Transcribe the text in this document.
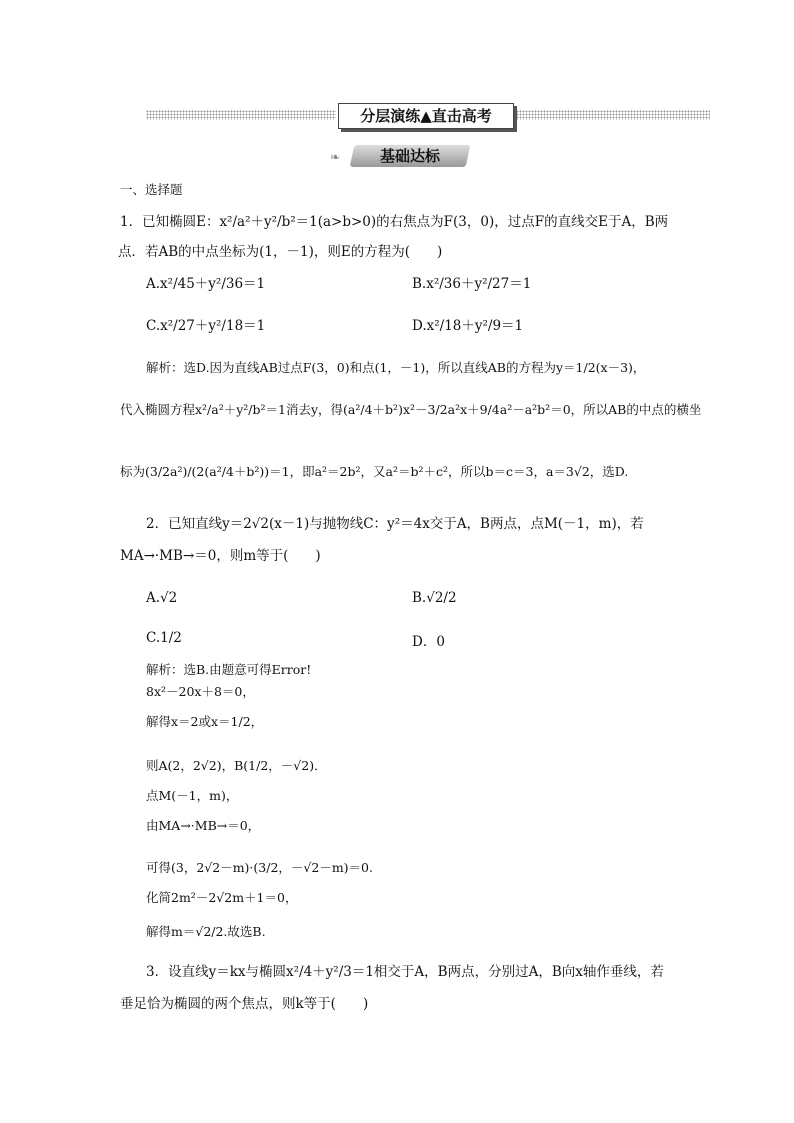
分层演练▲直击高考
❧	基础达标
一、选择题
1．已知椭圆E：x²/a²＋y²/b²＝1(a>b>0)的右焦点为F(3，0)，过点F的直线交E于A，B两
点．若AB的中点坐标为(1，－1)，则E的方程为(　　)
A.x²/45＋y²/36＝1	B.x²/36＋y²/27＝1
C.x²/27＋y²/18＝1	D.x²/18＋y²/9＝1
解析：选D.因为直线AB过点F(3，0)和点(1，－1)，所以直线AB的方程为y＝1/2(x－3)，
代入椭圆方程x²/a²＋y²/b²＝1消去y，得(a²/4＋b²)x²－3/2a²x＋9/4a²－a²b²＝0，所以AB的中点的横坐
标为(3/2a²)/(2(a²/4＋b²))＝1，即a²＝2b²，又a²＝b²＋c²，所以b＝c＝3，a＝3√2，选D.
2．已知直线y＝2√2(x－1)与抛物线C：y²＝4x交于A，B两点，点M(－1，m)，若
MA→·MB→＝0，则m等于(　　)
A.√2	B.√2/2
C.1/2	D．0
解析：选B.由题意可得Error!
8x²－20x＋8＝0，
解得x＝2或x＝1/2，
则A(2，2√2)，B(1/2，－√2)．
点M(－1，m)，
由MA→·MB→＝0，
可得(3，2√2－m)·(3/2，－√2－m)＝0.
化简2m²－2√2m＋1＝0，
解得m＝√2/2.故选B.
3．设直线y＝kx与椭圆x²/4＋y²/3＝1相交于A，B两点，分别过A，B向x轴作垂线，若
垂足恰为椭圆的两个焦点，则k等于(　　)
